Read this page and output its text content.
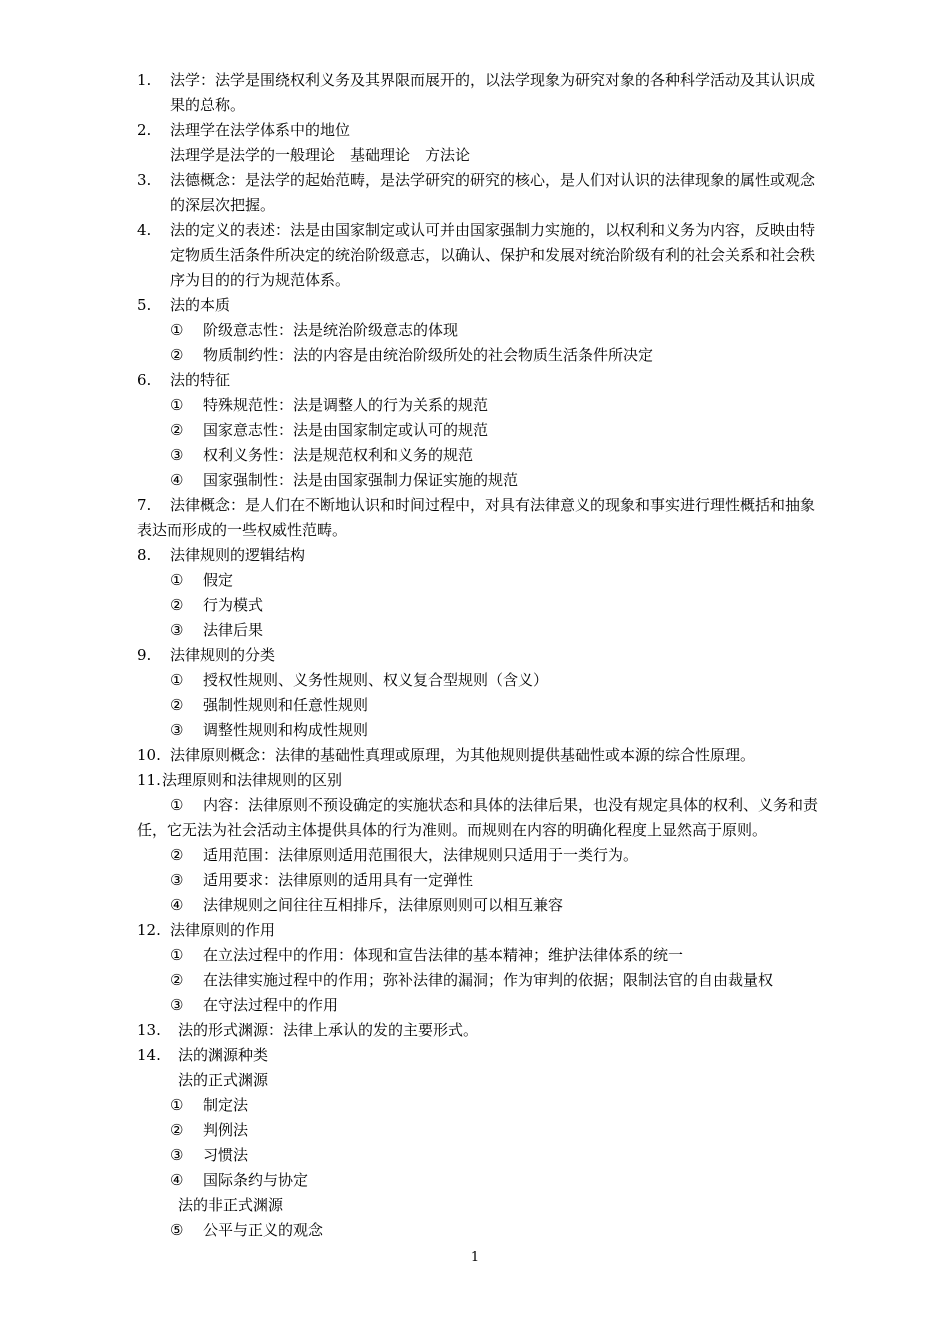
1. 法学：法学是围绕权利义务及其界限而展开的，以法学现象为研究对象的各种科学活动及其认识成
果的总称。
2. 法理学在法学体系中的地位
法理学是法学的一般理论　基础理论　方法论
3. 法德概念：是法学的起始范畴，是法学研究的研究的核心，是人们对认识的法律现象的属性或观念
的深层次把握。
4. 法的定义的表述：法是由国家制定或认可并由国家强制力实施的，以权利和义务为内容，反映由特
定物质生活条件所决定的统治阶级意志，以确认、保护和发展对统治阶级有利的社会关系和社会秩
序为目的的行为规范体系。
5. 法的本质
① 阶级意志性：法是统治阶级意志的体现
② 物质制约性：法的内容是由统治阶级所处的社会物质生活条件所决定
6. 法的特征
① 特殊规范性：法是调整人的行为关系的规范
② 国家意志性：法是由国家制定或认可的规范
③ 权利义务性：法是规范权利和义务的规范
④ 国家强制性：法是由国家强制力保证实施的规范
7. 法律概念：是人们在不断地认识和时间过程中，对具有法律意义的现象和事实进行理性概括和抽象
表达而形成的一些权威性范畴。
8. 法律规则的逻辑结构
① 假定
② 行为模式
③ 法律后果
9. 法律规则的分类
① 授权性规则、义务性规则、权义复合型规则（含义）
② 强制性规则和任意性规则
③ 调整性规则和构成性规则
10. 法律原则概念：法律的基础性真理或原理，为其他规则提供基础性或本源的综合性原理。
11. 法理原则和法律规则的区别
① 内容：法律原则不预设确定的实施状态和具体的法律后果，也没有规定具体的权利、义务和责
任，它无法为社会活动主体提供具体的行为准则。而规则在内容的明确化程度上显然高于原则。
② 适用范围：法律原则适用范围很大，法律规则只适用于一类行为。
③ 适用要求：法律原则的适用具有一定弹性
④ 法律规则之间往往互相排斥，法律原则则可以相互兼容
12. 法律原则的作用
① 在立法过程中的作用：体现和宣告法律的基本精神；维护法律体系的统一
② 在法律实施过程中的作用；弥补法律的漏洞；作为审判的依据；限制法官的自由裁量权
③ 在守法过程中的作用
13. 法的形式渊源：法律上承认的发的主要形式。
14. 法的渊源种类
法的正式渊源
① 制定法
② 判例法
③ 习惯法
④ 国际条约与协定
法的非正式渊源
⑤ 公平与正义的观念
1
